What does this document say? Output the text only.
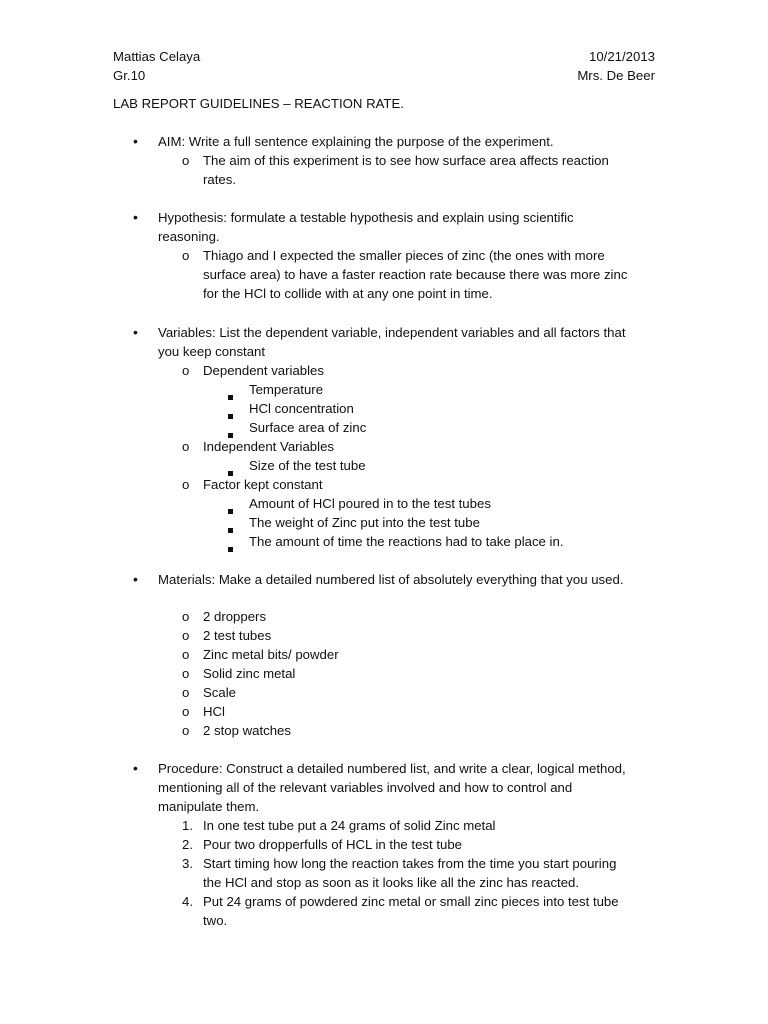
Mattias Celaya	10/21/2013
Gr.10	Mrs. De Beer
LAB REPORT GUIDELINES – REACTION RATE.
• AIM: Write a full sentence explaining the purpose of the experiment.
o The aim of this experiment is to see how surface area affects reaction
rates.
• Hypothesis: formulate a testable hypothesis and explain using scientific
reasoning.
o Thiago and I expected the smaller pieces of zinc (the ones with more
surface area) to have a faster reaction rate because there was more zinc
for the HCl to collide with at any one point in time.
• Variables: List the dependent variable, independent variables and all factors that
you keep constant
o Dependent variables
Temperature
HCl concentration
Surface area of zinc
o Independent Variables
Size of the test tube
o Factor kept constant
Amount of HCl poured in to the test tubes
The weight of Zinc put into the test tube
The amount of time the reactions had to take place in.
• Materials: Make a detailed numbered list of absolutely everything that you used.
o 2 droppers
o 2 test tubes
o Zinc metal bits/ powder
o Solid zinc metal
o Scale
o HCl
o 2 stop watches
• Procedure: Construct a detailed numbered list, and write a clear, logical method,
mentioning all of the relevant variables involved and how to control and
manipulate them.
1. In one test tube put a 24 grams of solid Zinc metal
2. Pour two dropperfulls of HCL in the test tube
3. Start timing how long the reaction takes from the time you start pouring
the HCl and stop as soon as it looks like all the zinc has reacted.
4. Put 24 grams of powdered zinc metal or small zinc pieces into test tube
two.
